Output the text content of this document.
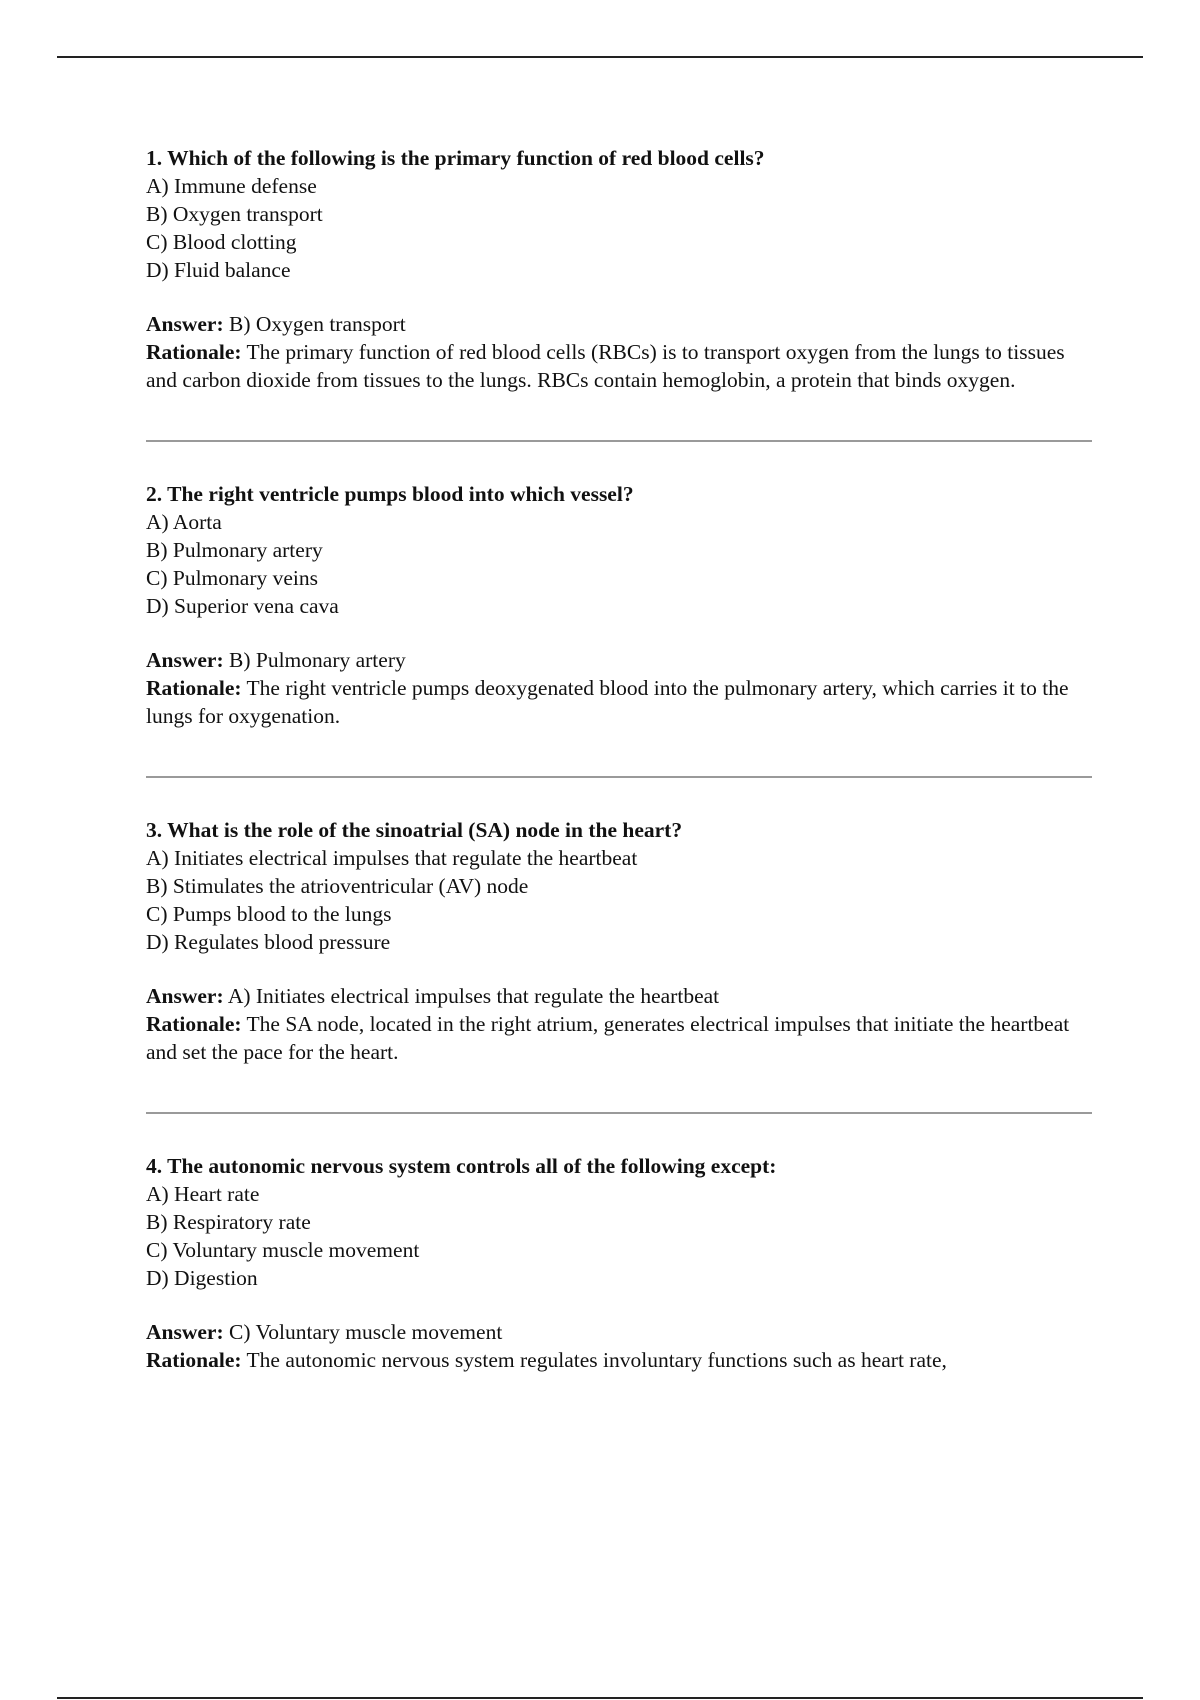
1. Which of the following is the primary function of red blood cells?
A) Immune defense
B) Oxygen transport
C) Blood clotting
D) Fluid balance
Answer: B) Oxygen transport
Rationale: The primary function of red blood cells (RBCs) is to transport oxygen from the lungs to tissues and carbon dioxide from tissues to the lungs. RBCs contain hemoglobin, a protein that binds oxygen.
2. The right ventricle pumps blood into which vessel?
A) Aorta
B) Pulmonary artery
C) Pulmonary veins
D) Superior vena cava
Answer: B) Pulmonary artery
Rationale: The right ventricle pumps deoxygenated blood into the pulmonary artery, which carries it to the lungs for oxygenation.
3. What is the role of the sinoatrial (SA) node in the heart?
A) Initiates electrical impulses that regulate the heartbeat
B) Stimulates the atrioventricular (AV) node
C) Pumps blood to the lungs
D) Regulates blood pressure
Answer: A) Initiates electrical impulses that regulate the heartbeat
Rationale: The SA node, located in the right atrium, generates electrical impulses that initiate the heartbeat and set the pace for the heart.
4. The autonomic nervous system controls all of the following except:
A) Heart rate
B) Respiratory rate
C) Voluntary muscle movement
D) Digestion
Answer: C) Voluntary muscle movement
Rationale: The autonomic nervous system regulates involuntary functions such as heart rate,
